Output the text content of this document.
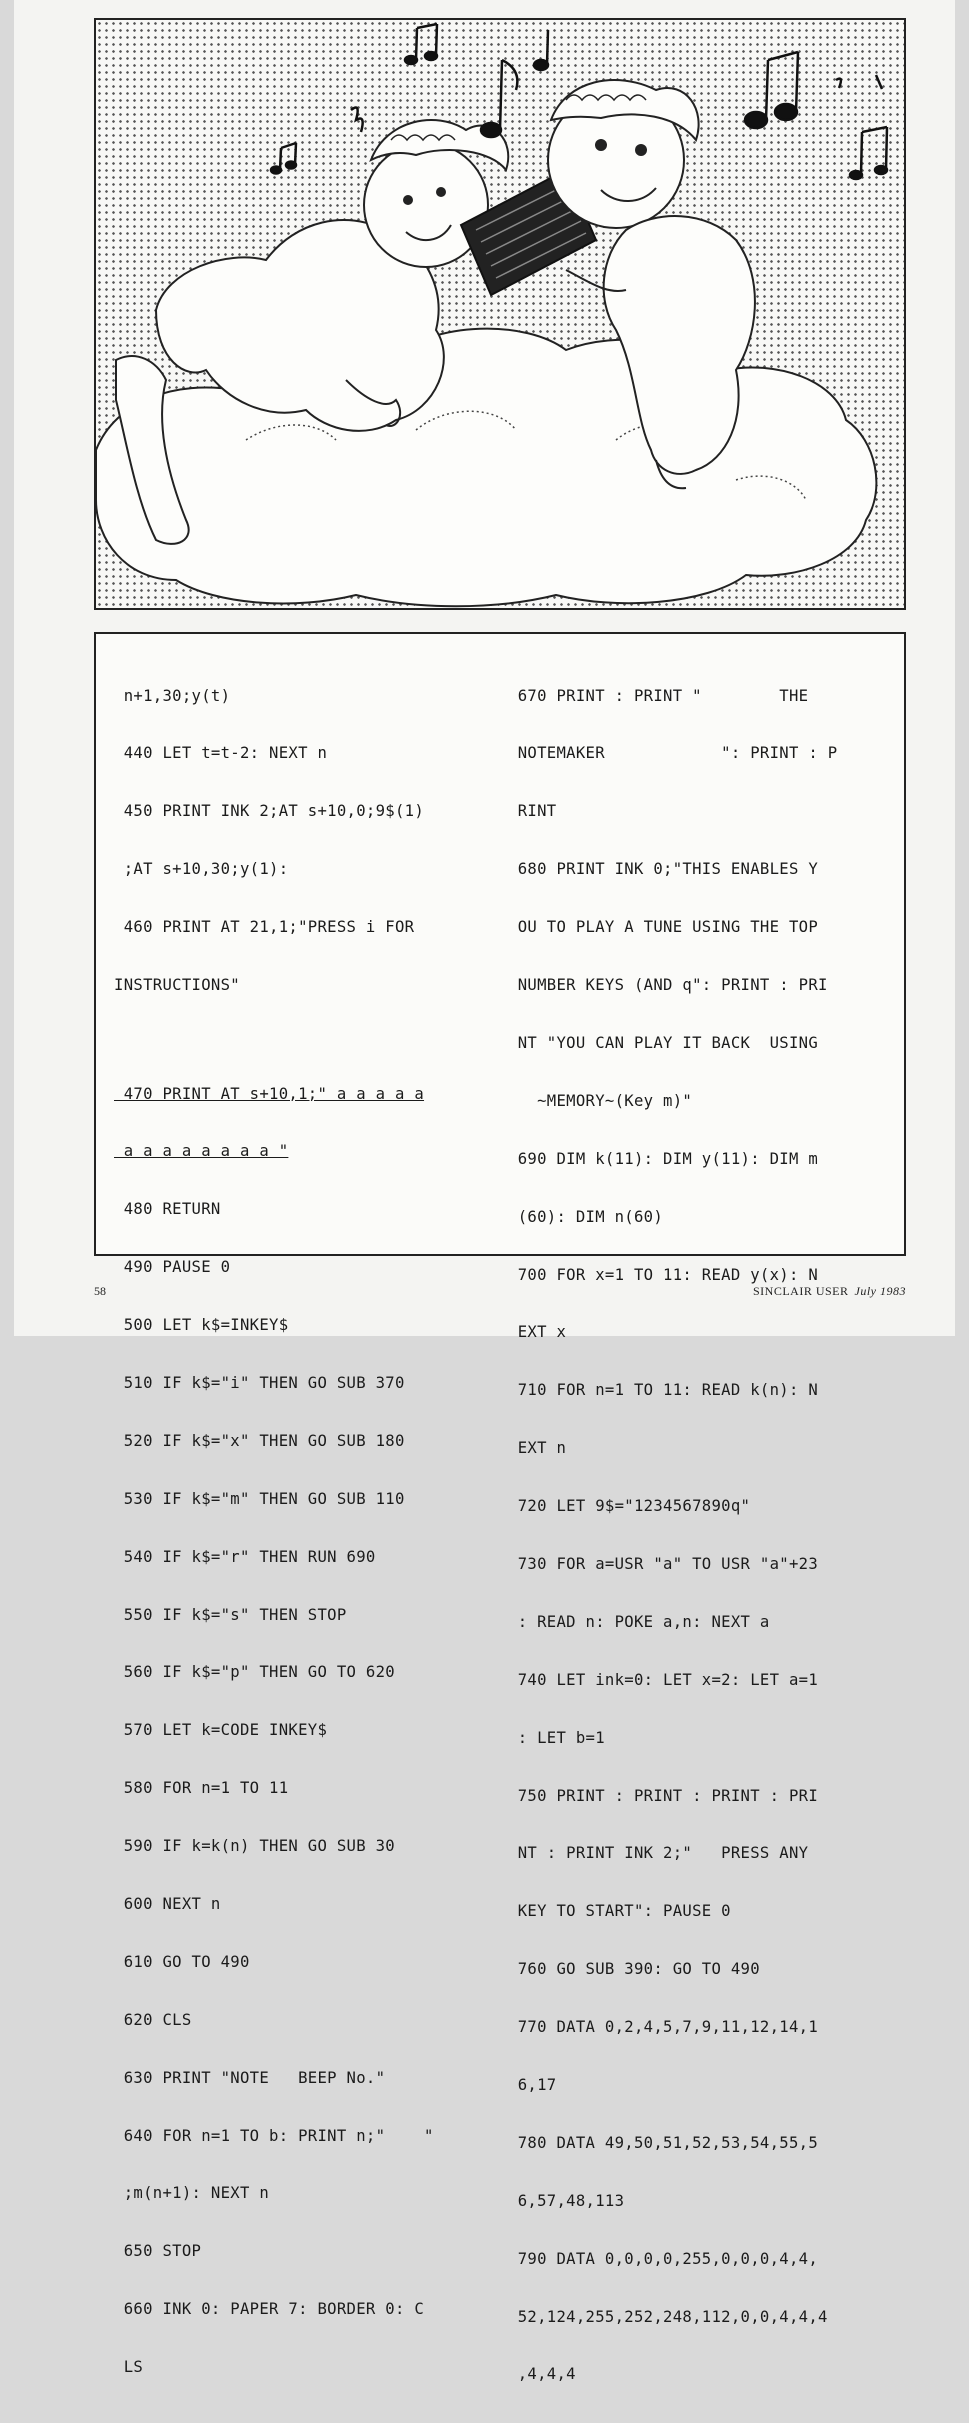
n+1,30;y(t)

440 LET t=t-2: NEXT n

450 PRINT INK 2;AT s+10,0;9$(1)

;AT s+10,30;y(1):

460 PRINT AT 21,1;"PRESS i FOR

INSTRUCTIONS"

470 PRINT AT s+10,1;" a a a a a

a a a a a a a a "

480 RETURN

490 PAUSE 0

500 LET k$=INKEY$

510 IF k$="i" THEN GO SUB 370

520 IF k$="x" THEN GO SUB 180

530 IF k$="m" THEN GO SUB 110

540 IF k$="r" THEN RUN 690

550 IF k$="s" THEN STOP

560 IF k$="p" THEN GO TO 620

570 LET k=CODE INKEY$

580 FOR n=1 TO 11

590 IF k=k(n) THEN GO SUB 30

600 NEXT n

610 GO TO 490

620 CLS

630 PRINT "NOTE   BEEP No."

640 FOR n=1 TO b: PRINT n;"    "

;m(n+1): NEXT n

650 STOP

660 INK 0: PAPER 7: BORDER 0: C

LS

670 PRINT : PRINT "        THE

NOTEMAKER            ": PRINT : P

RINT

680 PRINT INK 0;"THIS ENABLES Y

OU TO PLAY A TUNE USING THE TOP

NUMBER KEYS (AND q": PRINT : PRI

NT "YOU CAN PLAY IT BACK  USING

~MEMORY~(Key m)"

690 DIM k(11): DIM y(11): DIM m

(60): DIM n(60)

700 FOR x=1 TO 11: READ y(x): N

EXT x

710 FOR n=1 TO 11: READ k(n): N

EXT n

720 LET 9$="1234567890q"

730 FOR a=USR "a" TO USR "a"+23

: READ n: POKE a,n: NEXT a

740 LET ink=0: LET x=2: LET a=1

: LET b=1

750 PRINT : PRINT : PRINT : PRI

NT : PRINT INK 2;"   PRESS ANY

KEY TO START": PAUSE 0

760 GO SUB 390: GO TO 490

770 DATA 0,2,4,5,7,9,11,12,14,1

6,17

780 DATA 49,50,51,52,53,54,55,5

6,57,48,113

790 DATA 0,0,0,0,255,0,0,0,4,4,

52,124,255,252,248,112,0,0,4,4,4

,4,4,4

58	SINCLAIR USER July 1983
